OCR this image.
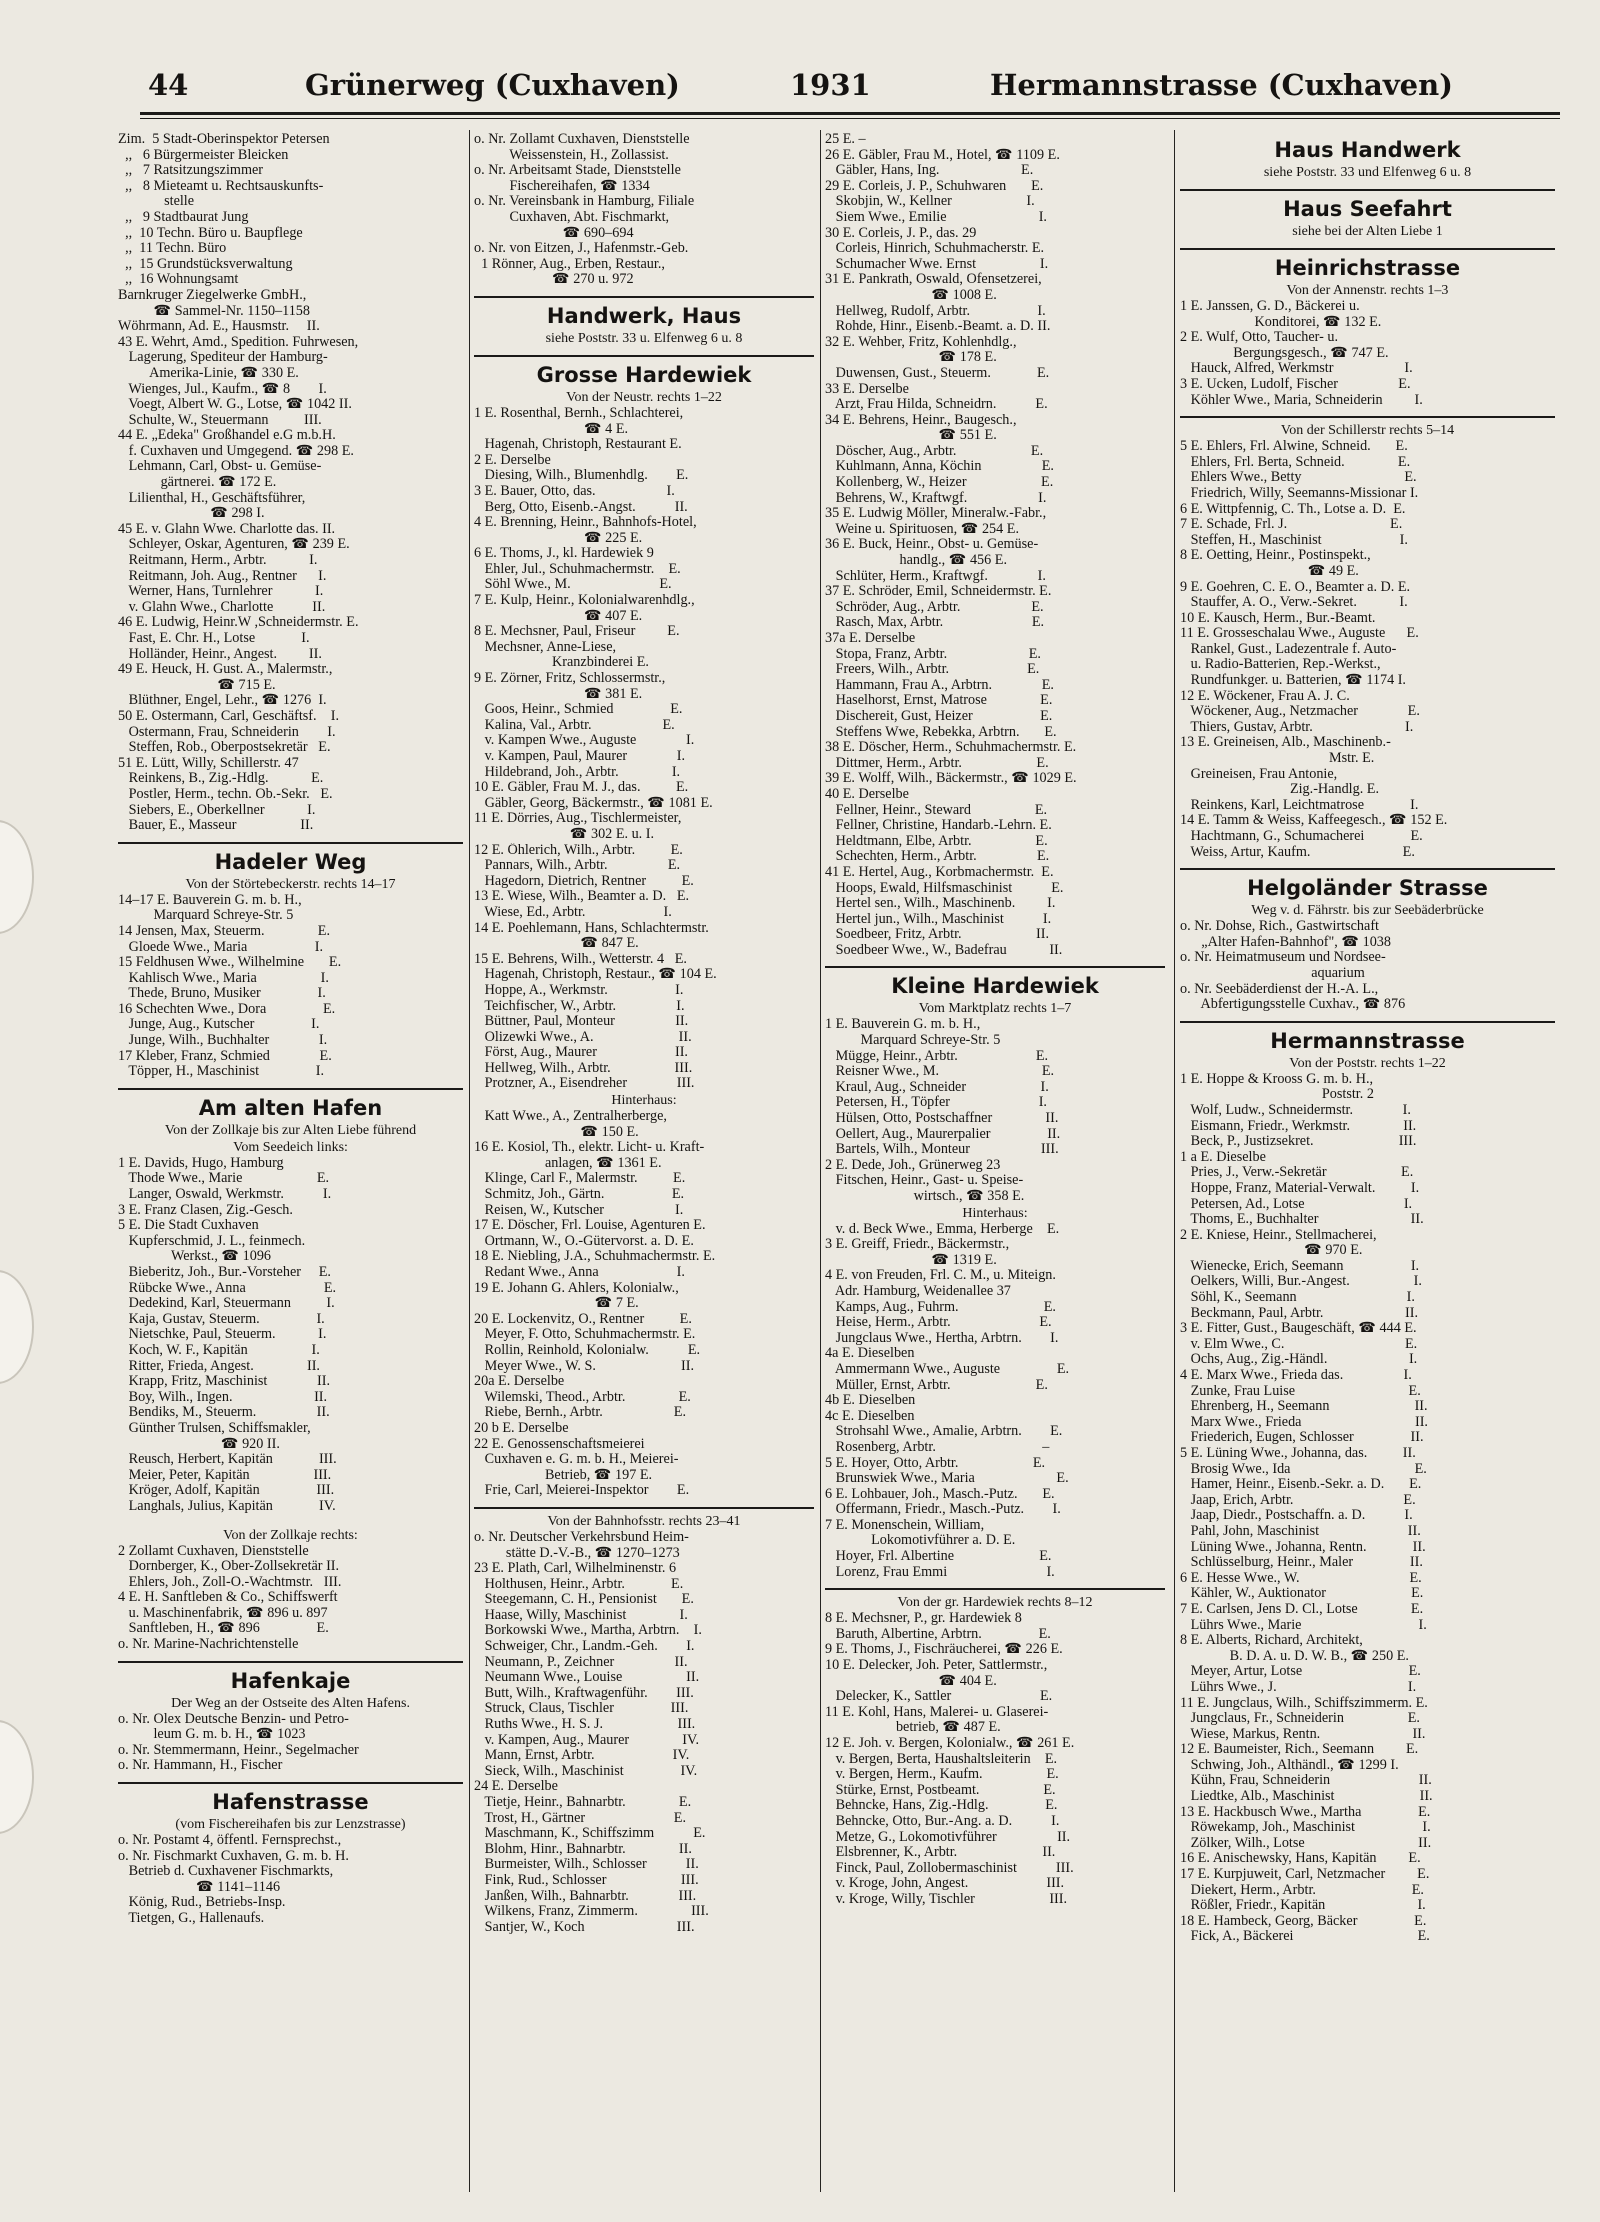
44	Grünerweg (Cuxhaven)	1931	Hermannstrasse (Cuxhaven)
Zim.  5 Stadt-Oberinspektor Petersen
,,   6 Bürgermeister Bleicken
,,   7 Ratsitzungszimmer
,,   8 Mieteamt u. Rechtsauskunfts-
stelle
,,   9 Stadtbaurat Jung
,,  10 Techn. Büro u. Baupflege
,,  11 Techn. Büro
,,  15 Grundstücksverwaltung
,,  16 Wohnungsamt
Barnkruger Ziegelwerke GmbH.,
☎ Sammel-Nr. 1150–1158
Wöhrmann, Ad. E., Hausmstr.     II.
43 E. Wehrt, Amd., Spedition. Fuhrwesen,
Lagerung, Spediteur der Hamburg-
Amerika-Linie, ☎ 330 E.
Wienges, Jul., Kaufm., ☎ 8        I.
Voegt, Albert W. G., Lotse, ☎ 1042 II.
Schulte, W., Steuermann          III.
44 E. „Edeka" Großhandel e.G m.b.H.
f. Cuxhaven und Umgegend. ☎ 298 E.
Lehmann, Carl, Obst- u. Gemüse-
gärtnerei. ☎ 172 E.
Lilienthal, H., Geschäftsführer,
☎ 298 I.
45 E. v. Glahn Wwe. Charlotte das. II.
Schleyer, Oskar, Agenturen, ☎ 239 E.
Reitmann, Herm., Arbtr.            I.
Reitmann, Joh. Aug., Rentner      I.
Werner, Hans, Turnlehrer            I.
v. Glahn Wwe., Charlotte           II.
46 E. Ludwig, Heinr.W ,Schneidermstr. E.
Fast, E. Chr. H., Lotse             I.
Holländer, Heinr., Angest.         II.
49 E. Heuck, H. Gust. A., Malermstr.,
☎ 715 E.
Blüthner, Engel, Lehr., ☎ 1276  I.
50 E. Ostermann, Carl, Geschäftsf.    I.
Ostermann, Frau, Schneiderin        I.
Steffen, Rob., Oberpostsekretär   E.
51 E. Lütt, Willy, Schillerstr. 47
Reinkens, B., Zig.-Hdlg.            E.
Postler, Herm., techn. Ob.-Sekr.   E.
Siebers, E., Oberkellner            I.
Bauer, E., Masseur                  II.
Hadeler Weg
Von der Störtebeckerstr. rechts 14–17
14–17 E. Bauverein G. m. b. H.,
Marquard Schreye-Str. 5
14 Jensen, Max, Steuerm.               E.
Gloede Wwe., Maria                   I.
15 Feldhusen Wwe., Wilhelmine       E.
Kahlisch Wwe., Maria                  I.
Thede, Bruno, Musiker                I.
16 Schechten Wwe., Dora                E.
Junge, Aug., Kutscher                I.
Junge, Wilh., Buchhalter              I.
17 Kleber, Franz, Schmied              E.
Töpper, H., Maschinist                I.
Am alten Hafen
Von der Zollkaje bis zur Alten Liebe führend
Vom Seedeich links:
1 E. Davids, Hugo, Hamburg
Thode Wwe., Marie                     E.
Langer, Oswald, Werkmstr.           I.
3 E. Franz Clasen, Zig.-Gesch.
5 E. Die Stadt Cuxhaven
Kupferschmid, J. L., feinmech.
Werkst., ☎ 1096
Bieberitz, Joh., Bur.-Vorsteher     E.
Rübcke Wwe., Anna                      E.
Dedekind, Karl, Steuermann          I.
Kaja, Gustav, Steuerm.                I.
Nietschke, Paul, Steuerm.            I.
Koch, W. F., Kapitän                  I.
Ritter, Frieda, Angest.               II.
Krapp, Fritz, Maschinist              II.
Boy, Wilh., Ingen.                       II.
Bendiks, M., Steuerm.                 II.
Günther Trulsen, Schiffsmakler,
☎ 920 II.
Reusch, Herbert, Kapitän             III.
Meier, Peter, Kapitän                  III.
Kröger, Adolf, Kapitän                III.
Langhals, Julius, Kapitän             IV.
Von der Zollkaje rechts:
2 Zollamt Cuxhaven, Dienststelle
Dornberger, K., Ober-Zollsekretär II.
Ehlers, Joh., Zoll-O.-Wachtmstr.   III.
4 E. H. Sanftleben & Co., Schiffswerft
u. Maschinenfabrik, ☎ 896 u. 897
Sanftleben, H., ☎ 896                E.
o. Nr. Marine-Nachrichtenstelle
Hafenkaje
Der Weg an der Ostseite des Alten Hafens.
o. Nr. Olex Deutsche Benzin- und Petro-
leum G. m. b. H., ☎ 1023
o. Nr. Stemmermann, Heinr., Segelmacher
o. Nr. Hammann, H., Fischer
Hafenstrasse
(vom Fischereihafen bis zur Lenzstrasse)
o. Nr. Postamt 4, öffentl. Fernsprechst.,
o. Nr. Fischmarkt Cuxhaven, G. m. b. H.
Betrieb d. Cuxhavener Fischmarkts,
☎ 1141–1146
König, Rud., Betriebs-Insp.
Tietgen, G., Hallenaufs.
o. Nr. Zollamt Cuxhaven, Dienststelle
Weissenstein, H., Zollassist.
o. Nr. Arbeitsamt Stade, Dienststelle
Fischereihafen, ☎ 1334
o. Nr. Vereinsbank in Hamburg, Filiale
Cuxhaven, Abt. Fischmarkt,
☎ 690–694
o. Nr. von Eitzen, J., Hafenmstr.-Geb.
1 Rönner, Aug., Erben, Restaur.,
☎ 270 u. 972
Handwerk, Haus
siehe Poststr. 33 u. Elfenweg 6 u. 8
Grosse Hardewiek
Von der Neustr. rechts 1–22
1 E. Rosenthal, Bernh., Schlachterei,
☎ 4 E.
Hagenah, Christoph, Restaurant E.
2 E. Derselbe
Diesing, Wilh., Blumenhdlg.        E.
3 E. Bauer, Otto, das.                    I.
Berg, Otto, Eisenb.-Angst.           II.
4 E. Brenning, Heinr., Bahnhofs-Hotel,
☎ 225 E.
6 E. Thoms, J., kl. Hardewiek 9
Ehler, Jul., Schuhmachermstr.    E.
Söhl Wwe., M.                         E.
7 E. Kulp, Heinr., Kolonialwarenhdlg.,
☎ 407 E.
8 E. Mechsner, Paul, Friseur         E.
Mechsner, Anne-Liese,
Kranzbinderei E.
9 E. Zörner, Fritz, Schlossermstr.,
☎ 381 E.
Goos, Heinr., Schmied                E.
Kalina, Val., Arbtr.                    E.
v. Kampen Wwe., Auguste              I.
v. Kampen, Paul, Maurer              I.
Hildebrand, Joh., Arbtr.               I.
10 E. Gäbler, Frau M. J., das.          E.
Gäbler, Georg, Bäckermstr., ☎ 1081 E.
11 E. Dörries, Aug., Tischlermeister,
☎ 302 E. u. I.
12 E. Öhlerich, Wilh., Arbtr.          E.
Pannars, Wilh., Arbtr.                 E.
Hagedorn, Dietrich, Rentner          E.
13 E. Wiese, Wilh., Beamter a. D.   E.
Wiese, Ed., Arbtr.                      I.
14 E. Poehlemann, Hans, Schlachtermstr.
☎ 847 E.
15 E. Behrens, Wilh., Wetterstr. 4   E.
Hagenah, Christoph, Restaur., ☎ 104 E.
Hoppe, A., Werkmstr.                   I.
Teichfischer, W., Arbtr.                 I.
Büttner, Paul, Monteur                 II.
Olizewki Wwe., A.                        II.
Först, Aug., Maurer                      II.
Hellweg, Wilh., Arbtr.                  III.
Protzner, A., Eisendreher              III.
Hinterhaus:
Katt Wwe., A., Zentralherberge,
☎ 150 E.
16 E. Kosiol, Th., elektr. Licht- u. Kraft-
anlagen, ☎ 1361 E.
Klinge, Carl F., Malermstr.          E.
Schmitz, Joh., Gärtn.                   E.
Reisen, W., Kutscher                    I.
17 E. Döscher, Frl. Louise, Agenturen E.
Ortmann, W., O.-Gütervorst. a. D. E.
18 E. Niebling, J.A., Schuhmachermstr. E.
Redant Wwe., Anna                      I.
19 E. Johann G. Ahlers, Kolonialw.,
☎ 7 E.
20 E. Lockenvitz, O., Rentner          E.
Meyer, F. Otto, Schuhmachermstr. E.
Rollin, Reinhold, Kolonialw.           E.
Meyer Wwe., W. S.                        II.
20a E. Derselbe
Wilemski, Theod., Arbtr.               E.
Riebe, Bernh., Arbtr.                    E.
20 b E. Derselbe
22 E. Genossenschaftsmeierei
Cuxhaven e. G. m. b. H., Meierei-
Betrieb, ☎ 197 E.
Frie, Carl, Meierei-Inspektor        E.
Von der Bahnhofsstr. rechts 23–41
o. Nr. Deutscher Verkehrsbund Heim-
stätte D.-V.-B., ☎ 1270–1273
23 E. Plath, Carl, Wilhelminenstr. 6
Holthusen, Heinr., Arbtr.             E.
Steegemann, C. H., Pensionist       E.
Haase, Willy, Maschinist               I.
Borkowski Wwe., Martha, Arbtrn.    I.
Schweiger, Chr., Landm.-Geh.        I.
Neumann, P., Zeichner                 II.
Neumann Wwe., Louise                  II.
Butt, Wilh., Kraftwagenführ.        III.
Struck, Claus, Tischler                III.
Ruths Wwe., H. S. J.                     III.
v. Kampen, Aug., Maurer               IV.
Mann, Ernst, Arbtr.                      IV.
Sieck, Wilh., Maschinist                IV.
24 E. Derselbe
Tietje, Heinr., Bahnarbtr.               E.
Trost, H., Gärtner                         E.
Maschmann, K., Schiffszimm           E.
Blohm, Hinr., Bahnarbtr.               II.
Burmeister, Wilh., Schlosser           II.
Fink, Rud., Schlosser                     III.
Janßen, Wilh., Bahnarbtr.              III.
Wilkens, Franz, Zimmerm.               III.
Santjer, W., Koch                          III.
25 E. –
26 E. Gäbler, Frau M., Hotel, ☎ 1109 E.
Gäbler, Hans, Ing.                       E.
29 E. Corleis, J. P., Schuhwaren       E.
Skobjin, W., Kellner                     I.
Siem Wwe., Emilie                          I.
30 E. Corleis, J. P., das. 29
Corleis, Hinrich, Schuhmacherstr. E.
Schumacher Wwe. Ernst                  I.
31 E. Pankrath, Oswald, Ofensetzerei,
☎ 1008 E.
Hellweg, Rudolf, Arbtr.                   I.
Rohde, Hinr., Eisenb.-Beamt. a. D. II.
32 E. Wehber, Fritz, Kohlenhdlg.,
☎ 178 E.
Duwensen, Gust., Steuerm.             E.
33 E. Derselbe
Arzt, Frau Hilda, Schneidrn.           E.
34 E. Behrens, Heinr., Baugesch.,
☎ 551 E.
Döscher, Aug., Arbtr.                     E.
Kuhlmann, Anna, Köchin                 E.
Kollenberg, W., Heizer                     E.
Behrens, W., Kraftwgf.                    I.
35 E. Ludwig Möller, Mineralw.-Fabr.,
Weine u. Spirituosen, ☎ 254 E.
36 E. Buck, Heinr., Obst- u. Gemüse-
handlg., ☎ 456 E.
Schlüter, Herm., Kraftwgf.              I.
37 E. Schröder, Emil, Schneidermstr. E.
Schröder, Aug., Arbtr.                    E.
Rasch, Max, Arbtr.                         E.
37a E. Derselbe
Stopa, Franz, Arbtr.                       E.
Freers, Wilh., Arbtr.                      E.
Hammann, Frau A., Arbtrn.              E.
Haselhorst, Ernst, Matrose               E.
Dischereit, Gust, Heizer                   E.
Steffens Wwe, Rebekka, Arbtrn.       E.
38 E. Döscher, Herm., Schuhmachermstr. E.
Dittmer, Herm., Arbtr.                     E.
39 E. Wolff, Wilh., Bäckermstr., ☎ 1029 E.
40 E. Derselbe
Fellner, Heinr., Steward                  E.
Fellner, Christine, Handarb.-Lehrn. E.
Heldtmann, Elbe, Arbtr.                  E.
Schechten, Herm., Arbtr.                 E.
41 E. Hertel, Aug., Korbmachermstr.  E.
Hoops, Ewald, Hilfsmaschinist           E.
Hertel sen., Wilh., Maschinenb.         I.
Hertel jun., Wilh., Maschinist           I.
Soedbeer, Fritz, Arbtr.                     II.
Soedbeer Wwe., W., Badefrau            II.
Kleine Hardewiek
Vom Marktplatz rechts 1–7
1 E. Bauverein G. m. b. H.,
Marquard Schreye-Str. 5
Mügge, Heinr., Arbtr.                      E.
Reisner Wwe., M.                             E.
Kraul, Aug., Schneider                     I.
Petersen, H., Töpfer                         I.
Hülsen, Otto, Postschaffner               II.
Oellert, Aug., Maurerpalier                II.
Bartels, Wilh., Monteur                    III.
2 E. Dede, Joh., Grünerweg 23
Fitschen, Heinr., Gast- u. Speise-
wirtsch., ☎ 358 E.
Hinterhaus:
v. d. Beck Wwe., Emma, Herberge    E.
3 E. Greiff, Friedr., Bäckermstr.,
☎ 1319 E.
4 E. von Freuden, Frl. C. M., u. Miteign.
Adr. Hamburg, Weidenallee 37
Kamps, Aug., Fuhrm.                        E.
Heise, Herm., Arbtr.                         E.
Jungclaus Wwe., Hertha, Arbtrn.        I.
4a E. Dieselben
Ammermann Wwe., Auguste                E.
Müller, Ernst, Arbtr.                        E.
4b E. Dieselben
4c E. Dieselben
Strohsahl Wwe., Amalie, Arbtrn.        E.
Rosenberg, Arbtr.                              –
5 E. Hoyer, Otto, Arbtr.                     E.
Brunswiek Wwe., Maria                       E.
6 E. Lohbauer, Joh., Masch.-Putz.       E.
Offermann, Friedr., Masch.-Putz.        I.
7 E. Monenschein, William,
Lokomotivführer a. D. E.
Hoyer, Frl. Albertine                        E.
Lorenz, Frau Emmi                            I.
Von der gr. Hardewiek rechts 8–12
8 E. Mechsner, P., gr. Hardewiek 8
Baruth, Albertine, Arbtrn.                E.
9 E. Thoms, J., Fischräucherei, ☎ 226 E.
10 E. Delecker, Joh. Peter, Sattlermstr.,
☎ 404 E.
Delecker, K., Sattler                         E.
11 E. Kohl, Hans, Malerei- u. Glaserei-
betrieb, ☎ 487 E.
12 E. Joh. v. Bergen, Kolonialw., ☎ 261 E.
v. Bergen, Berta, Haushaltsleiterin    E.
v. Bergen, Herm., Kaufm.                  E.
Stürke, Ernst, Postbeamt.                  E.
Behncke, Hans, Zig.-Hdlg.                E.
Behncke, Otto, Bur.-Ang. a. D.           I.
Metze, G., Lokomotivführer                 II.
Elsbrenner, K., Arbtr.                        II.
Finck, Paul, Zollobermaschinist           III.
v. Kroge, John, Angest.                      III.
v. Kroge, Willy, Tischler                     III.
Haus Handwerk
siehe Poststr. 33 und Elfenweg 6 u. 8
Haus Seefahrt
siehe bei der Alten Liebe 1
Heinrichstrasse
Von der Annenstr. rechts 1–3
1 E. Janssen, G. D., Bäckerei u.
Konditorei, ☎ 132 E.
2 E. Wulf, Otto, Taucher- u.
Bergungsgesch., ☎ 747 E.
Hauck, Alfred, Werkmstr                    I.
3 E. Ucken, Ludolf, Fischer                 E.
Köhler Wwe., Maria, Schneiderin         I.
Von der Schillerstr rechts 5–14
5 E. Ehlers, Frl. Alwine, Schneid.       E.
Ehlers, Frl. Berta, Schneid.               E.
Ehlers Wwe., Betty                             E.
Friedrich, Willy, Seemanns-Missionar I.
6 E. Wittpfennig, C. Th., Lotse a. D.  E.
7 E. Schade, Frl. J.                             E.
Steffen, H., Maschinist                      I.
8 E. Oetting, Heinr., Postinspekt.,
☎ 49 E.
9 E. Goehren, C. E. O., Beamter a. D. E.
Stauffer, A. O., Verw.-Sekret.            I.
10 E. Kausch, Herm., Bur.-Beamt.
11 E. Grosseschalau Wwe., Auguste      E.
Rankel, Gust., Ladezentrale f. Auto-
u. Radio-Batterien, Rep.-Werkst.,
Rundfunkger. u. Batterien, ☎ 1174 I.
12 E. Wöckener, Frau A. J. C.
Wöckener, Aug., Netzmacher              E.
Thiers, Gustav, Arbtr.                          I.
13 E. Greineisen, Alb., Maschinenb.-
Mstr. E.
Greineisen, Frau Antonie,
Zig.-Handlg. E.
Reinkens, Karl, Leichtmatrose             I.
14 E. Tamm & Weiss, Kaffeegesch., ☎ 152 E.
Hachtmann, G., Schumacherei             E.
Weiss, Artur, Kaufm.                          E.
Helgoländer Strasse
Weg v. d. Fährstr. bis zur Seebäderbrücke
o. Nr. Dohse, Rich., Gastwirtschaft
„Alter Hafen-Bahnhof", ☎ 1038
o. Nr. Heimatmuseum und Nordsee-
aquarium
o. Nr. Seebäderdienst der H.-A. L.,
Abfertigungsstelle Cuxhav., ☎ 876
Hermannstrasse
Von der Poststr. rechts 1–22
1 E. Hoppe & Krooss G. m. b. H.,
Poststr. 2
Wolf, Ludw., Schneidermstr.              I.
Eismann, Friedr., Werkmstr.               II.
Beck, P., Justizsekret.                        III.
1 a E. Dieselbe
Pries, J., Verw.-Sekretär                     E.
Hoppe, Franz, Material-Verwalt.          I.
Petersen, Ad., Lotse                            I.
Thoms, E., Buchhalter                          II.
2 E. Kniese, Heinr., Stellmacherei,
☎ 970 E.
Wienecke, Erich, Seemann                   I.
Oelkers, Willi, Bur.-Angest.                  I.
Söhl, K., Seemann                               I.
Beckmann, Paul, Arbtr.                       II.
3 E. Fitter, Gust., Baugeschäft, ☎ 444 E.
v. Elm Wwe., C.                                  E.
Ochs, Aug., Zig.-Händl.                       I.
4 E. Marx Wwe., Frieda das.                 I.
Zunke, Frau Luise                                E.
Ehrenberg, H., Seemann                        II.
Marx Wwe., Frieda                                II.
Friederich, Eugen, Schlosser                II.
5 E. Lüning Wwe., Johanna, das.          II.
Brosig Wwe., Ida                                   E.
Hamer, Heinr., Eisenb.-Sekr. a. D.       E.
Jaap, Erich, Arbtr.                               E.
Jaap, Diedr., Postschaffn. a. D.           I.
Pahl, John, Maschinist                         II.
Lüning Wwe., Johanna, Rentn.             II.
Schlüsselburg, Heinr., Maler                II.
6 E. Hesse Wwe., W.                               E.
Kähler, W., Auktionator                        E.
7 E. Carlsen, Jens D. Cl., Lotse               E.
Lührs Wwe., Marie                                 I.
8 E. Alberts, Richard, Architekt,
B. D. A. u. D. W. B., ☎ 250 E.
Meyer, Artur, Lotse                              E.
Lührs Wwe., J.                                     I.
11 E. Jungclaus, Wilh., Schiffszimmerm. E.
Jungclaus, Fr., Schneiderin                  E.
Wiese, Markus, Rentn.                          II.
12 E. Baumeister, Rich., Seemann         E.
Schwing, Joh., Althändl., ☎ 1299 I.
Kühn, Frau, Schneiderin                         II.
Liedtke, Alb., Maschinist                        II.
13 E. Hackbusch Wwe., Martha                E.
Röwekamp, Joh., Maschinist                   I.
Zölker, Wilh., Lotse                                II.
16 E. Anischewsky, Hans, Kapitän         E.
17 E. Kurpjuweit, Carl, Netzmacher         E.
Diekert, Herm., Arbtr.                           E.
Rößler, Friedr., Kapitän                          I.
18 E. Hambeck, Georg, Bäcker                E.
Fick, A., Bäckerei                                   E.
